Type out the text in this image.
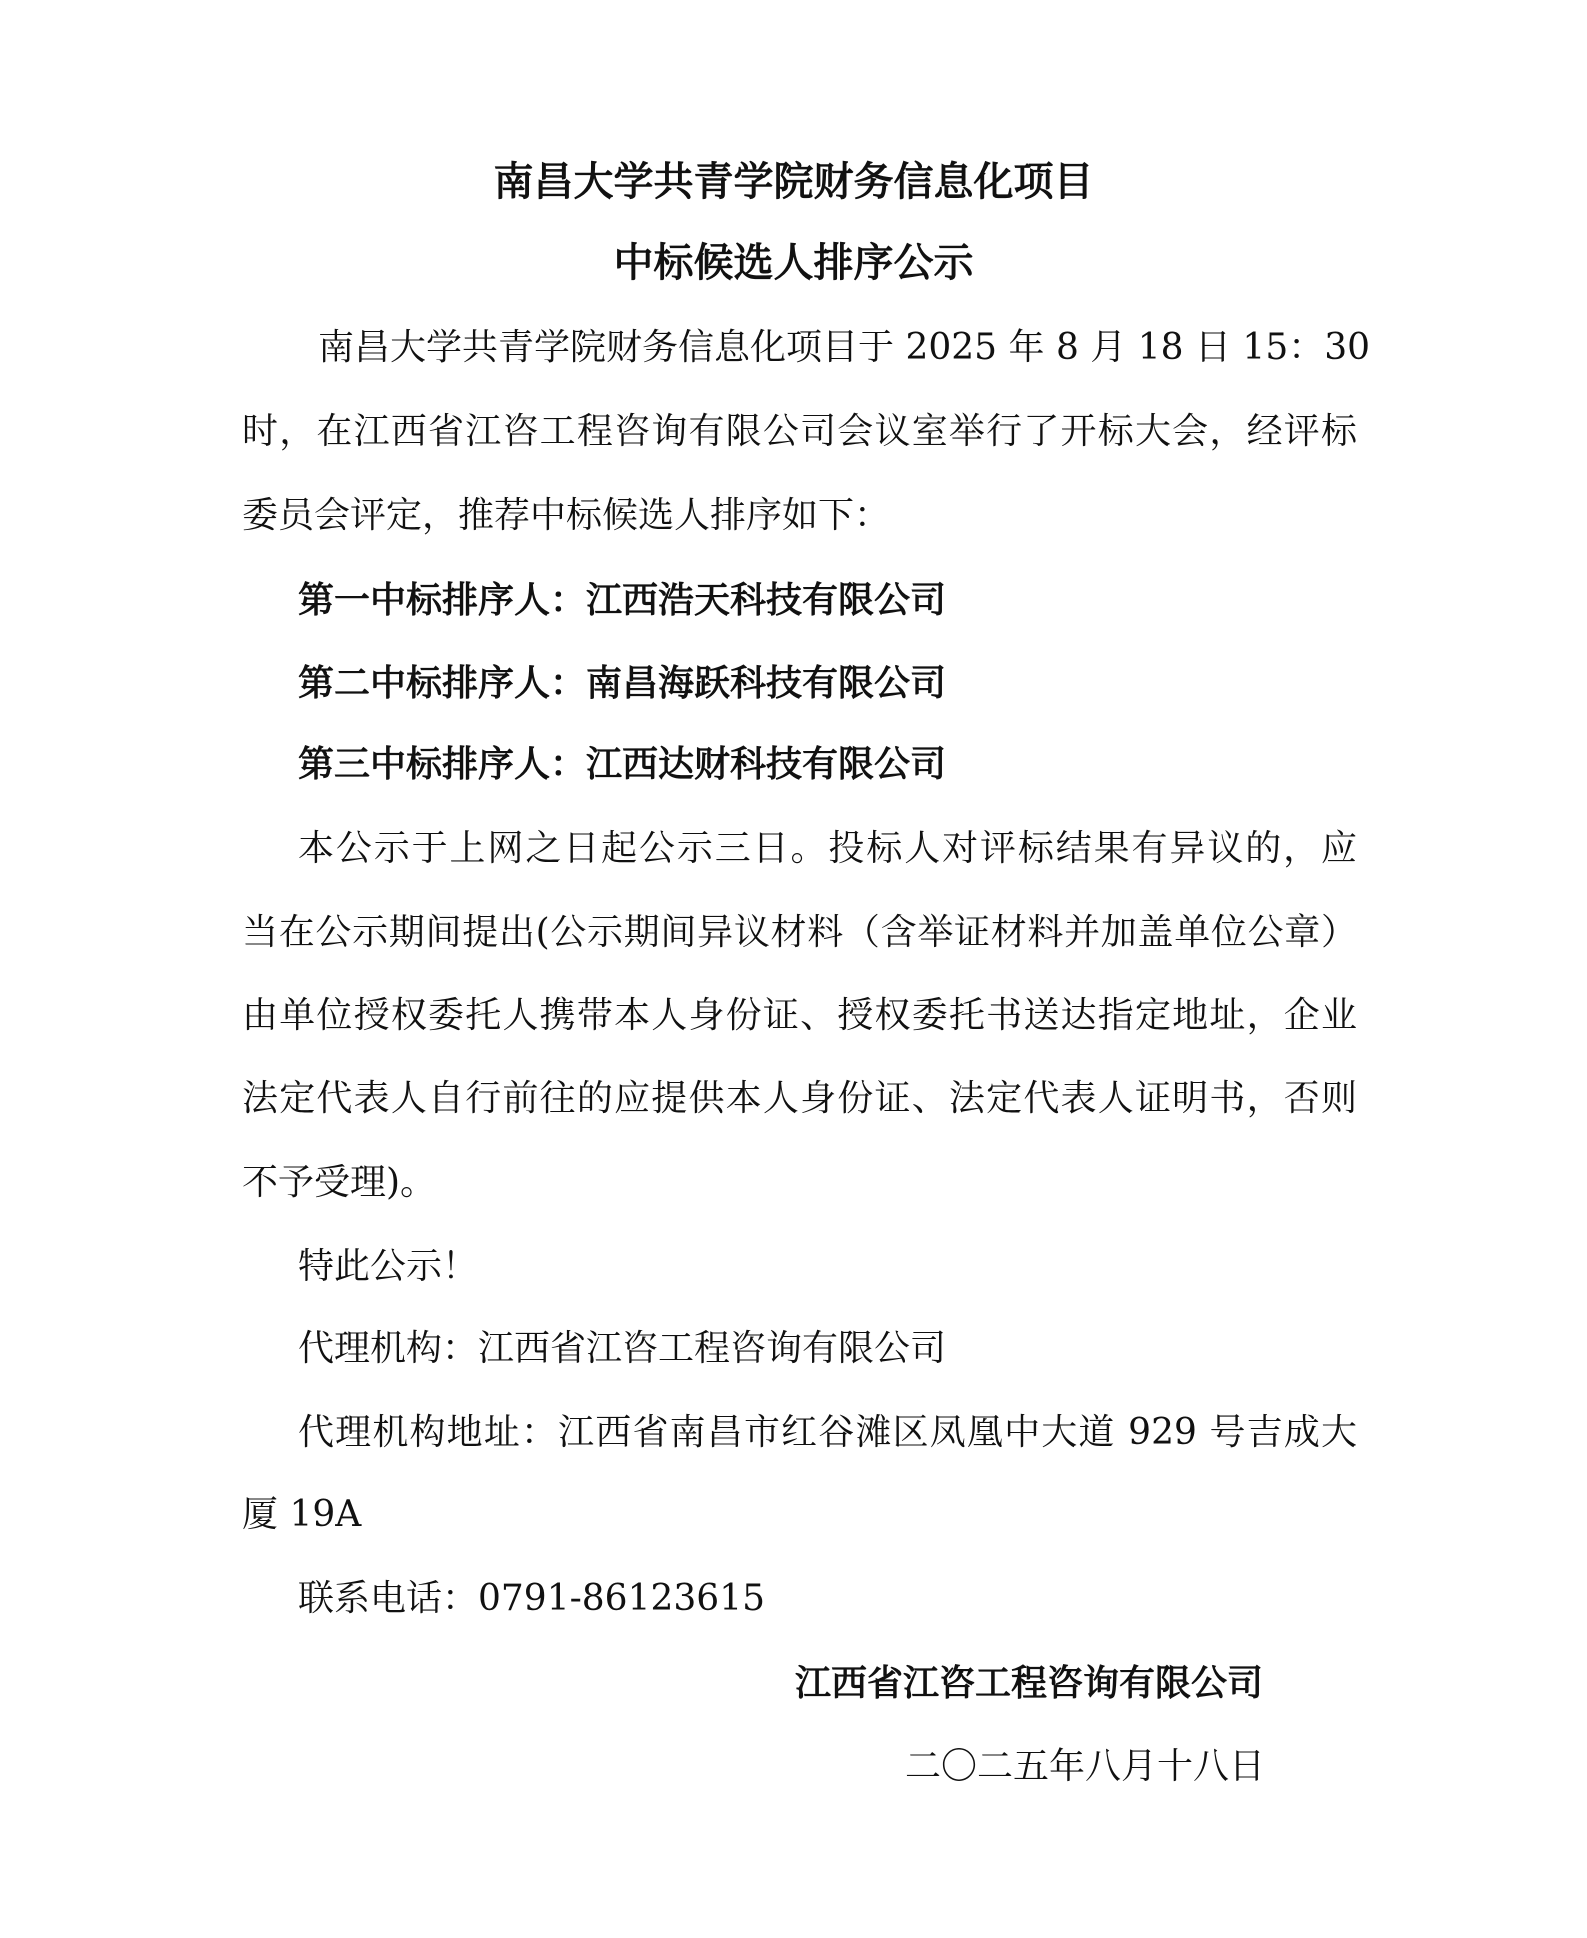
南昌大学共青学院财务信息化项目
中标候选人排序公示
南昌大学共青学院财务信息化项目于 2025 年 8 月 18 日 15：30
时，在江西省江咨工程咨询有限公司会议室举行了开标大会，经评标
委员会评定，推荐中标候选人排序如下：
第一中标排序人：江西浩天科技有限公司
第二中标排序人：南昌海跃科技有限公司
第三中标排序人：江西达财科技有限公司
本公示于上网之日起公示三日。投标人对评标结果有异议的，应
当在公示期间提出(公示期间异议材料（含举证材料并加盖单位公章）
由单位授权委托人携带本人身份证、授权委托书送达指定地址，企业
法定代表人自行前往的应提供本人身份证、法定代表人证明书，否则
不予受理)。
特此公示！
代理机构：江西省江咨工程咨询有限公司
代理机构地址：江西省南昌市红谷滩区凤凰中大道 929 号吉成大
厦 19A
联系电话：0791-86123615
江西省江咨工程咨询有限公司
二〇二五年八月十八日
